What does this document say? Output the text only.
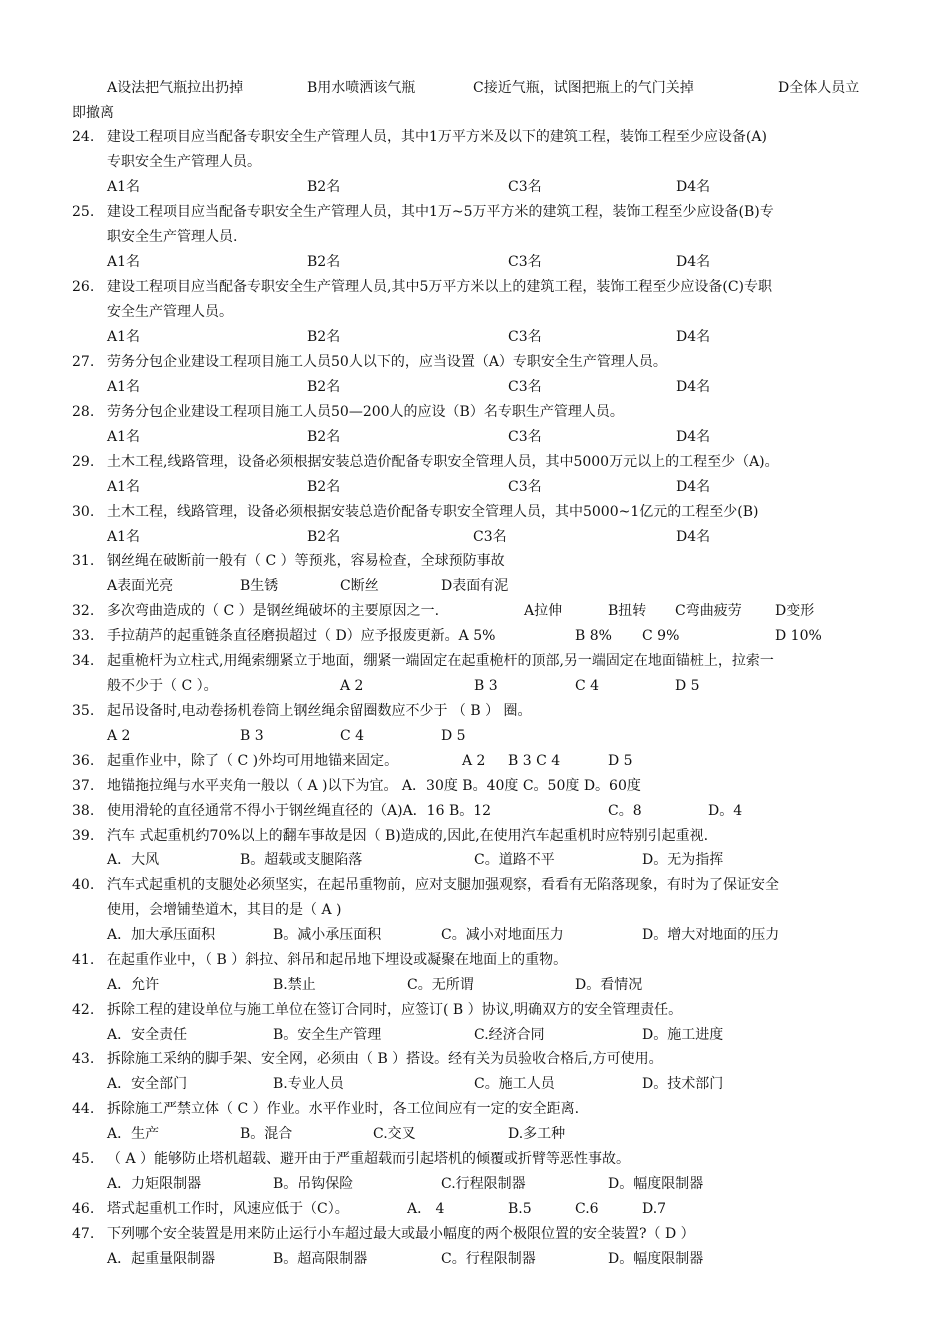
A设法把气瓶拉出扔掉	B用水喷洒该气瓶	C接近气瓶，试图把瓶上的气门关掉	D全体人员立
即撤离
24. 建设工程项目应当配备专职安全生产管理人员，其中1万平方米及以下的建筑工程，装饰工程至少应设备(A)
专职安全生产管理人员。
A1名	B2名	C3名	D4名
25. 建设工程项目应当配备专职安全生产管理人员，其中1万~5万平方米的建筑工程，装饰工程至少应设备(B)专
职安全生产管理人员.
A1名	B2名	C3名	D4名
26. 建设工程项目应当配备专职安全生产管理人员,其中5万平方米以上的建筑工程，装饰工程至少应设备(C)专职
安全生产管理人员。
A1名	B2名	C3名	D4名
27. 劳务分包企业建设工程项目施工人员50人以下的，应当设置（A）专职安全生产管理人员。
A1名	B2名	C3名	D4名
28. 劳务分包企业建设工程项目施工人员50—200人的应设（B）名专职生产管理人员。
A1名	B2名	C3名	D4名
29. 土木工程,线路管理，设备必须根据安装总造价配备专职安全管理人员，其中5000万元以上的工程至少（A)。
A1名	B2名	C3名	D4名
30. 土木工程，线路管理，设备必须根据安装总造价配备专职安全管理人员，其中5000~1亿元的工程至少(B)
A1名	B2名	C3名	D4名
31. 钢丝绳在破断前一般有（ C ）等预兆，容易检查，全球预防事故
A表面光亮	B生锈	C断丝	D表面有泥
32. 多次弯曲造成的（ C ）是钢丝绳破坏的主要原因之一.	A拉伸	B扭转 C弯曲疲劳 D变形
33. 手拉葫芦的起重链条直径磨损超过（ D）应予报废更新。A 5%	B 8% C 9%	D 10%
34. 起重桅杆为立柱式,用绳索绷紧立于地面，绷紧一端固定在起重桅杆的顶部,另一端固定在地面锚桩上，拉索一
般不少于（ C ）。	A 2	B 3	C 4	D 5
35. 起吊设备时,电动卷扬机卷筒上钢丝绳余留圈数应不少于 （ B ） 圈。
A 2	B 3	C 4	D 5
36. 起重作业中，除了（ C )外均可用地锚来固定。	A 2 B 3 C 4	D 5
37. 地锚拖拉绳与水平夹角一般以（ A )以下为宜。 A．30度 B。40度 C。50度 D。60度
38. 使用滑轮的直径通常不得小于钢丝绳直径的（A)A．16 B。12	C。8	D。4
39. 汽车 式起重机约70%以上的翻车事故是因（ B)造成的,因此,在使用汽车起重机时应特别引起重视.
A．大风	B。超载或支腿陷落	C。道路不平	D。无为指挥
40. 汽车式起重机的支腿处必须坚实，在起吊重物前，应对支腿加强观察，看看有无陷落现象，有时为了保证安全
使用，会增铺垫道木，其目的是（ A )
A．加大承压面积	B。减小承压面积	C。减小对地面压力	D。增大对地面的压力
41. 在起重作业中，（ B ）斜拉、斜吊和起吊地下埋设或凝聚在地面上的重物。
A．允许	B.禁止	C。无所谓	D。看情况
42. 拆除工程的建设单位与施工单位在签订合同时，应签订( B ）协议,明确双方的安全管理责任。
A．安全责任	B。安全生产管理	C.经济合同	D。施工进度
43. 拆除施工采纳的脚手架、安全网，必须由（ B ）搭设。经有关为员验收合格后,方可使用。
A．安全部门	B.专业人员	C。施工人员	D。技术部门
44. 拆除施工严禁立体（ C ）作业。水平作业时，各工位间应有一定的安全距离.
A．生产	B。混合	C.交叉	D.多工种
45. （ A ）能够防止塔机超载、避开由于严重超载而引起塔机的倾覆或折臂等恶性事故。
A．力矩限制器	B。吊钩保险	C.行程限制器	D。幅度限制器
46. 塔式起重机工作时，风速应低于（C）。	A． 4	B.5	C.6	D.7
47. 下列哪个安全装置是用来防止运行小车超过最大或最小幅度的两个极限位置的安全装置?（ D ）
A．起重量限制器	B。超高限制器	C。行程限制器	D。幅度限制器
